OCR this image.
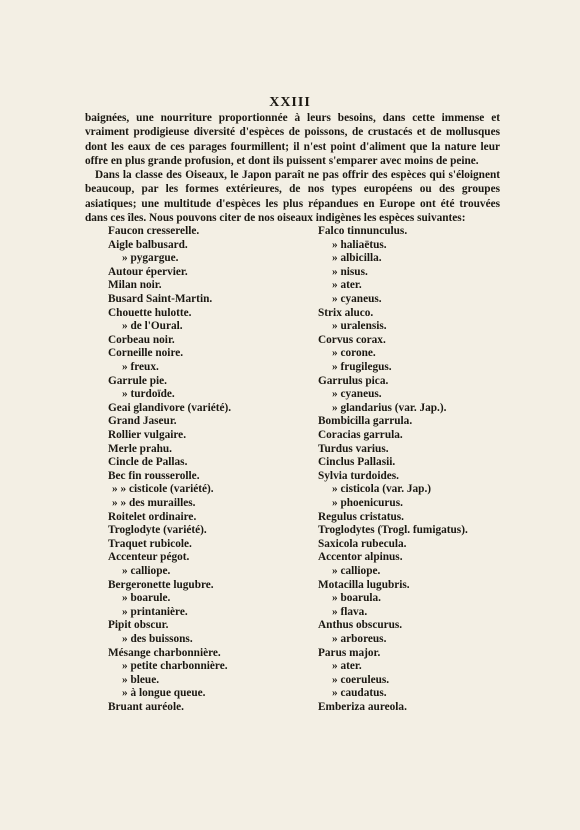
XXIII

baignées, une nourriture proportionnée à leurs besoins, dans cette immense et vraiment prodigieuse diversité d'espèces de poissons, de crustacés et de mollusques dont les eaux de ces parages fourmillent; il n'est point d'aliment que la nature leur offre en plus grande profusion, et dont ils puissent s'emparer avec moins de peine.

Dans la classe des Oiseaux, le Japon paraît ne pas offrir des espèces qui s'éloignent beaucoup, par les formes extérieures, de nos types européens ou des groupes asiatiques; une multitude d'espèces les plus répandues en Europe ont été trouvées dans ces îles. Nous pouvons citer de nos oiseaux indigènes les espèces suivantes:

Faucon cresserelle.
Aigle balbusard.
» pygargue.
Autour épervier.
Milan noir.
Busard Saint-Martin.
Chouette hulotte.
» de l'Oural.
Corbeau noir.
Corneille noire.
» freux.
Garrule pie.
» turdoïde.
Geai glandivore (variété).
Grand Jaseur.
Rollier vulgaire.
Merle prahu.
Cincle de Pallas.
Bec fin rousserolle.
» » cisticole (variété).
» » des murailles.
Roitelet ordinaire.
Troglodyte (variété).
Traquet rubicole.
Accenteur pégot.
» calliope.
Bergeronette lugubre.
» boarule.
» printanière.
Pipit obscur.
» des buissons.
Mésange charbonnière.
» petite charbonnière.
» bleue.
» à longue queue.
Bruant auréole.
Falco tinnunculus.
» haliaëtus.
» albicilla.
» nisus.
» ater.
» cyaneus.
Strix aluco.
» uralensis.
Corvus corax.
» corone.
» frugilegus.
Garrulus pica.
» cyaneus.
» glandarius (var. Jap.).
Bombicilla garrula.
Coracias garrula.
Turdus varius.
Cinclus Pallasii.
Sylvia turdoides.
» cisticola (var. Jap.)
» phoenicurus.
Regulus cristatus.
Troglodytes (Trogl. fumigatus).
Saxicola rubecula.
Accentor alpinus.
» calliope.
Motacilla lugubris.
» boarula.
» flava.
Anthus obscurus.
» arboreus.
Parus major.
» ater.
» coeruleus.
» caudatus.
Emberiza aureola.
